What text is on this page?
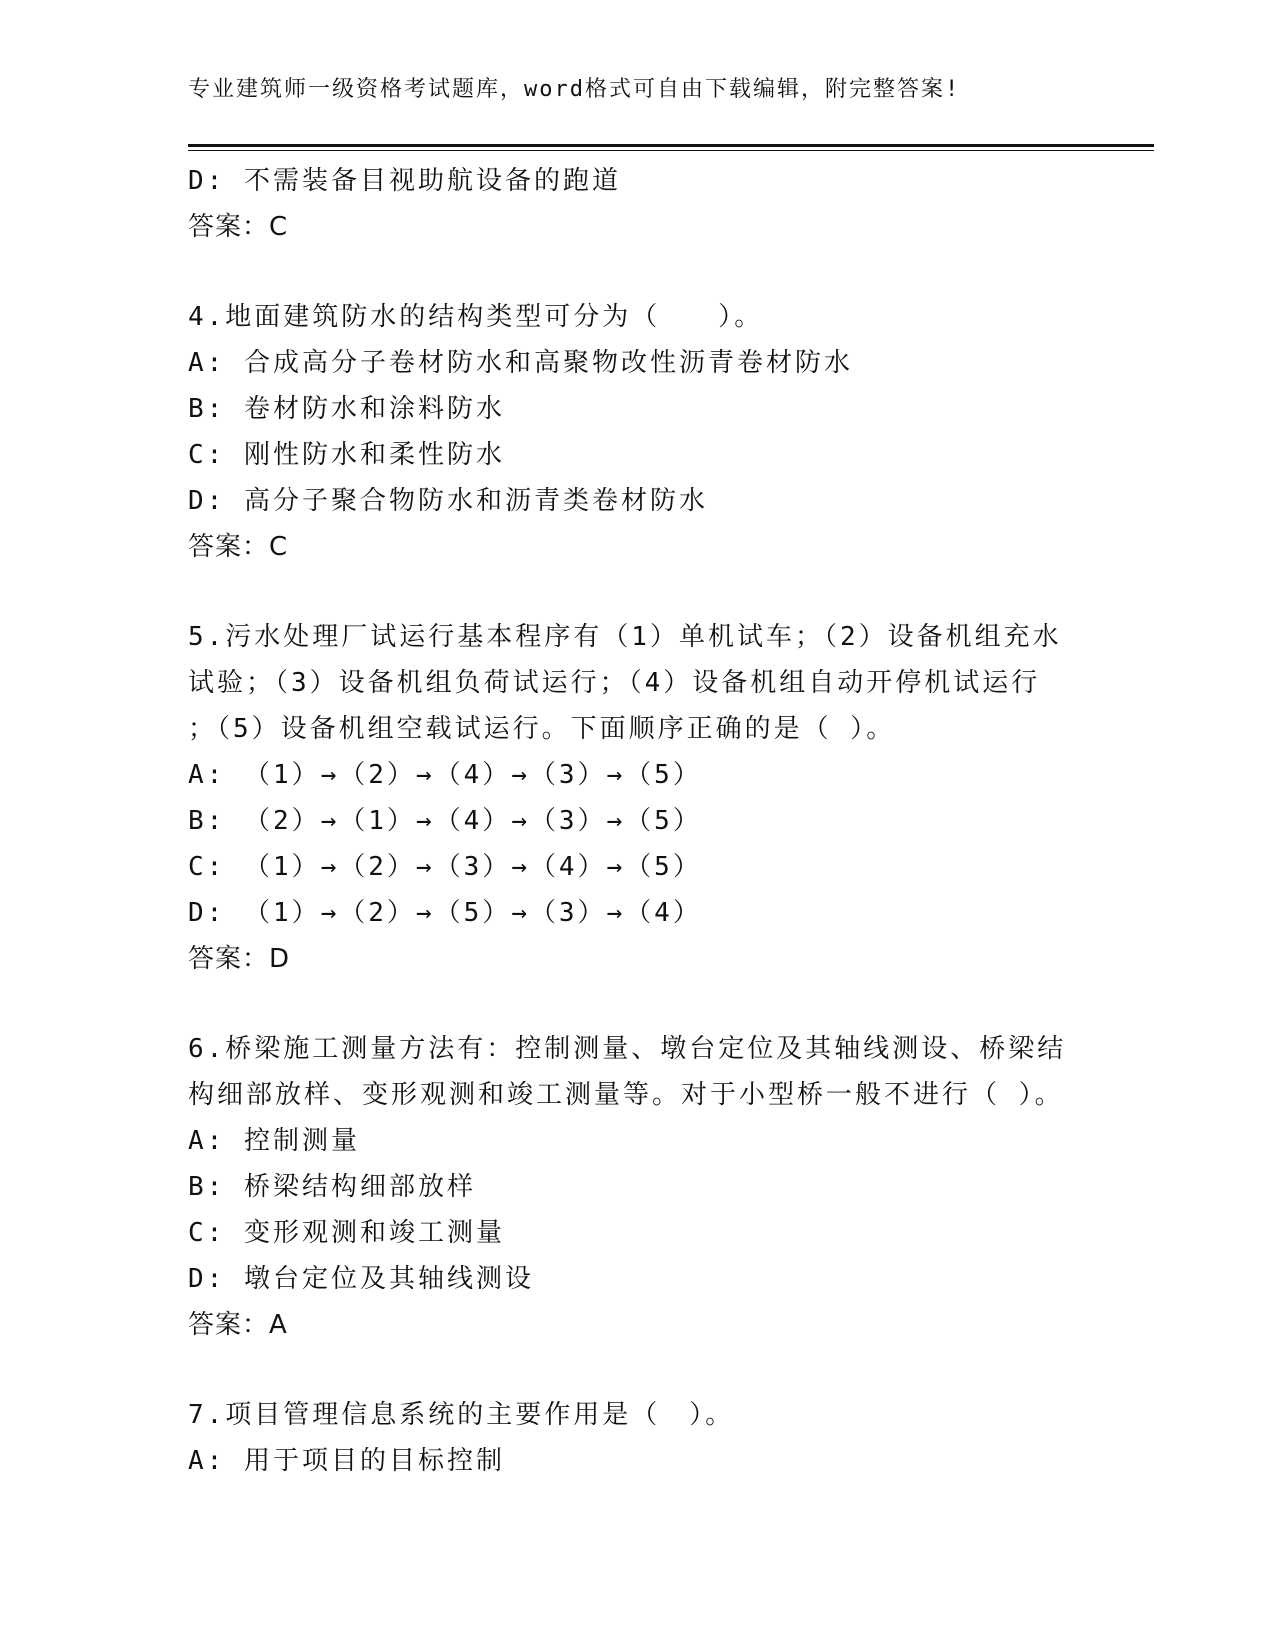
专业建筑师一级资格考试题库，word格式可自由下载编辑，附完整答案!
D: 不需装备目视助航设备的跑道
答案：C
4.地面建筑防水的结构类型可分为（　　）。
A: 合成高分子卷材防水和高聚物改性沥青卷材防水
B: 卷材防水和涂料防水
C: 刚性防水和柔性防水
D: 高分子聚合物防水和沥青类卷材防水
答案：C
5.污水处理厂试运行基本程序有（1）单机试车；（2）设备机组充水
试验；（3）设备机组负荷试运行；（4）设备机组自动开停机试运行
；（5）设备机组空载试运行。下面顺序正确的是（ ）。
A: （1）→（2）→（4）→（3）→（5）
B: （2）→（1）→（4）→（3）→（5）
C: （1）→（2）→（3）→（4）→（5）
D: （1）→（2）→（5）→（3）→（4）
答案：D
6.桥梁施工测量方法有：控制测量、墩台定位及其轴线测设、桥梁结
构细部放样、变形观测和竣工测量等。对于小型桥一般不进行（ ）。
A: 控制测量
B: 桥梁结构细部放样
C: 变形观测和竣工测量
D: 墩台定位及其轴线测设
答案：A
7.项目管理信息系统的主要作用是（　）。
A: 用于项目的目标控制
